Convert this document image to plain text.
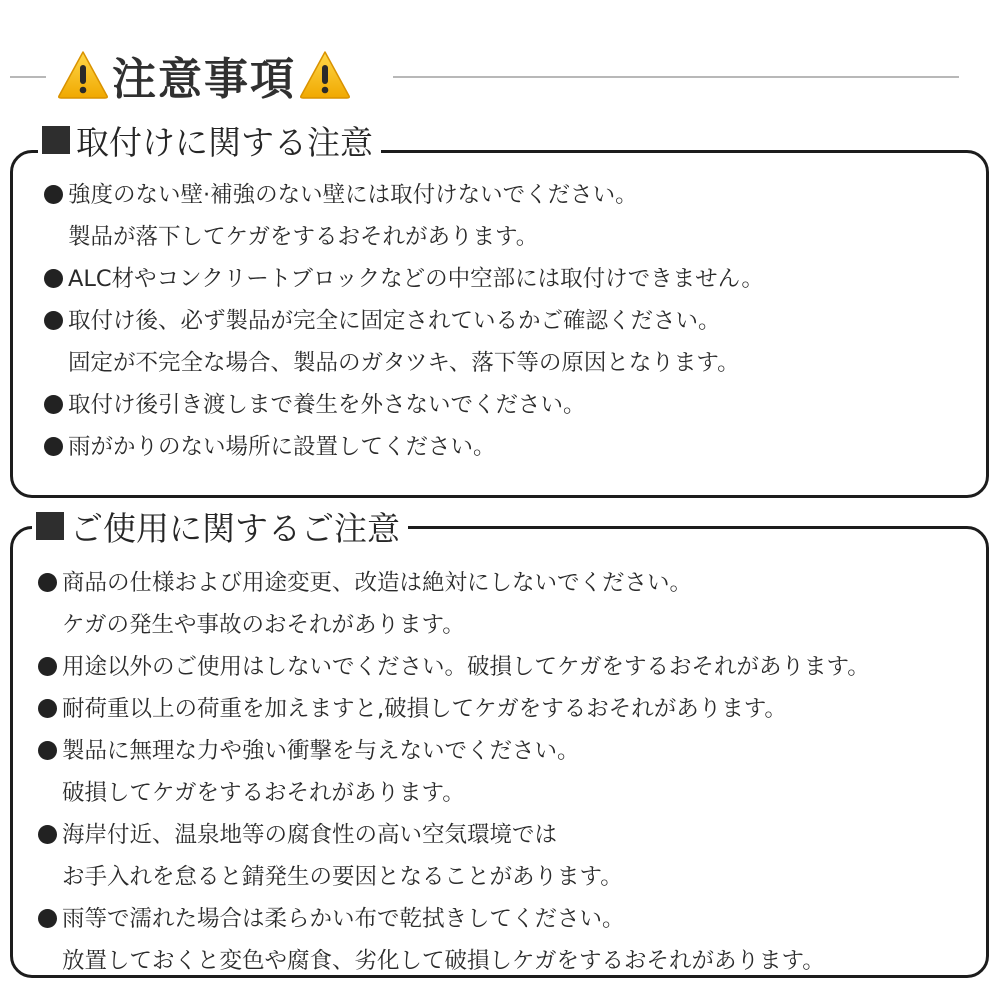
注意事項
取付けに関する注意
強度のない壁·補強のない壁には取付けないでください。
製品が落下してケガをするおそれがあります。
ALC材やコンクリートブロックなどの中空部には取付けできません。
取付け後、必ず製品が完全に固定されているかご確認ください。
固定が不完全な場合、製品のガタツキ、落下等の原因となります。
取付け後引き渡しまで養生を外さないでください。
雨がかりのない場所に設置してください。
ご使用に関するご注意
商品の仕様および用途変更、改造は絶対にしないでください。
ケガの発生や事故のおそれがあります。
用途以外のご使用はしないでください。破損してケガをするおそれがあります。
耐荷重以上の荷重を加えますと,破損してケガをするおそれがあります。
製品に無理な力や強い衝撃を与えないでください。
破損してケガをするおそれがあります。
海岸付近、温泉地等の腐食性の高い空気環境では
お手入れを怠ると錆発生の要因となることがあります。
雨等で濡れた場合は柔らかい布で乾拭きしてください。
放置しておくと変色や腐食、劣化して破損しケガをするおそれがあります。
